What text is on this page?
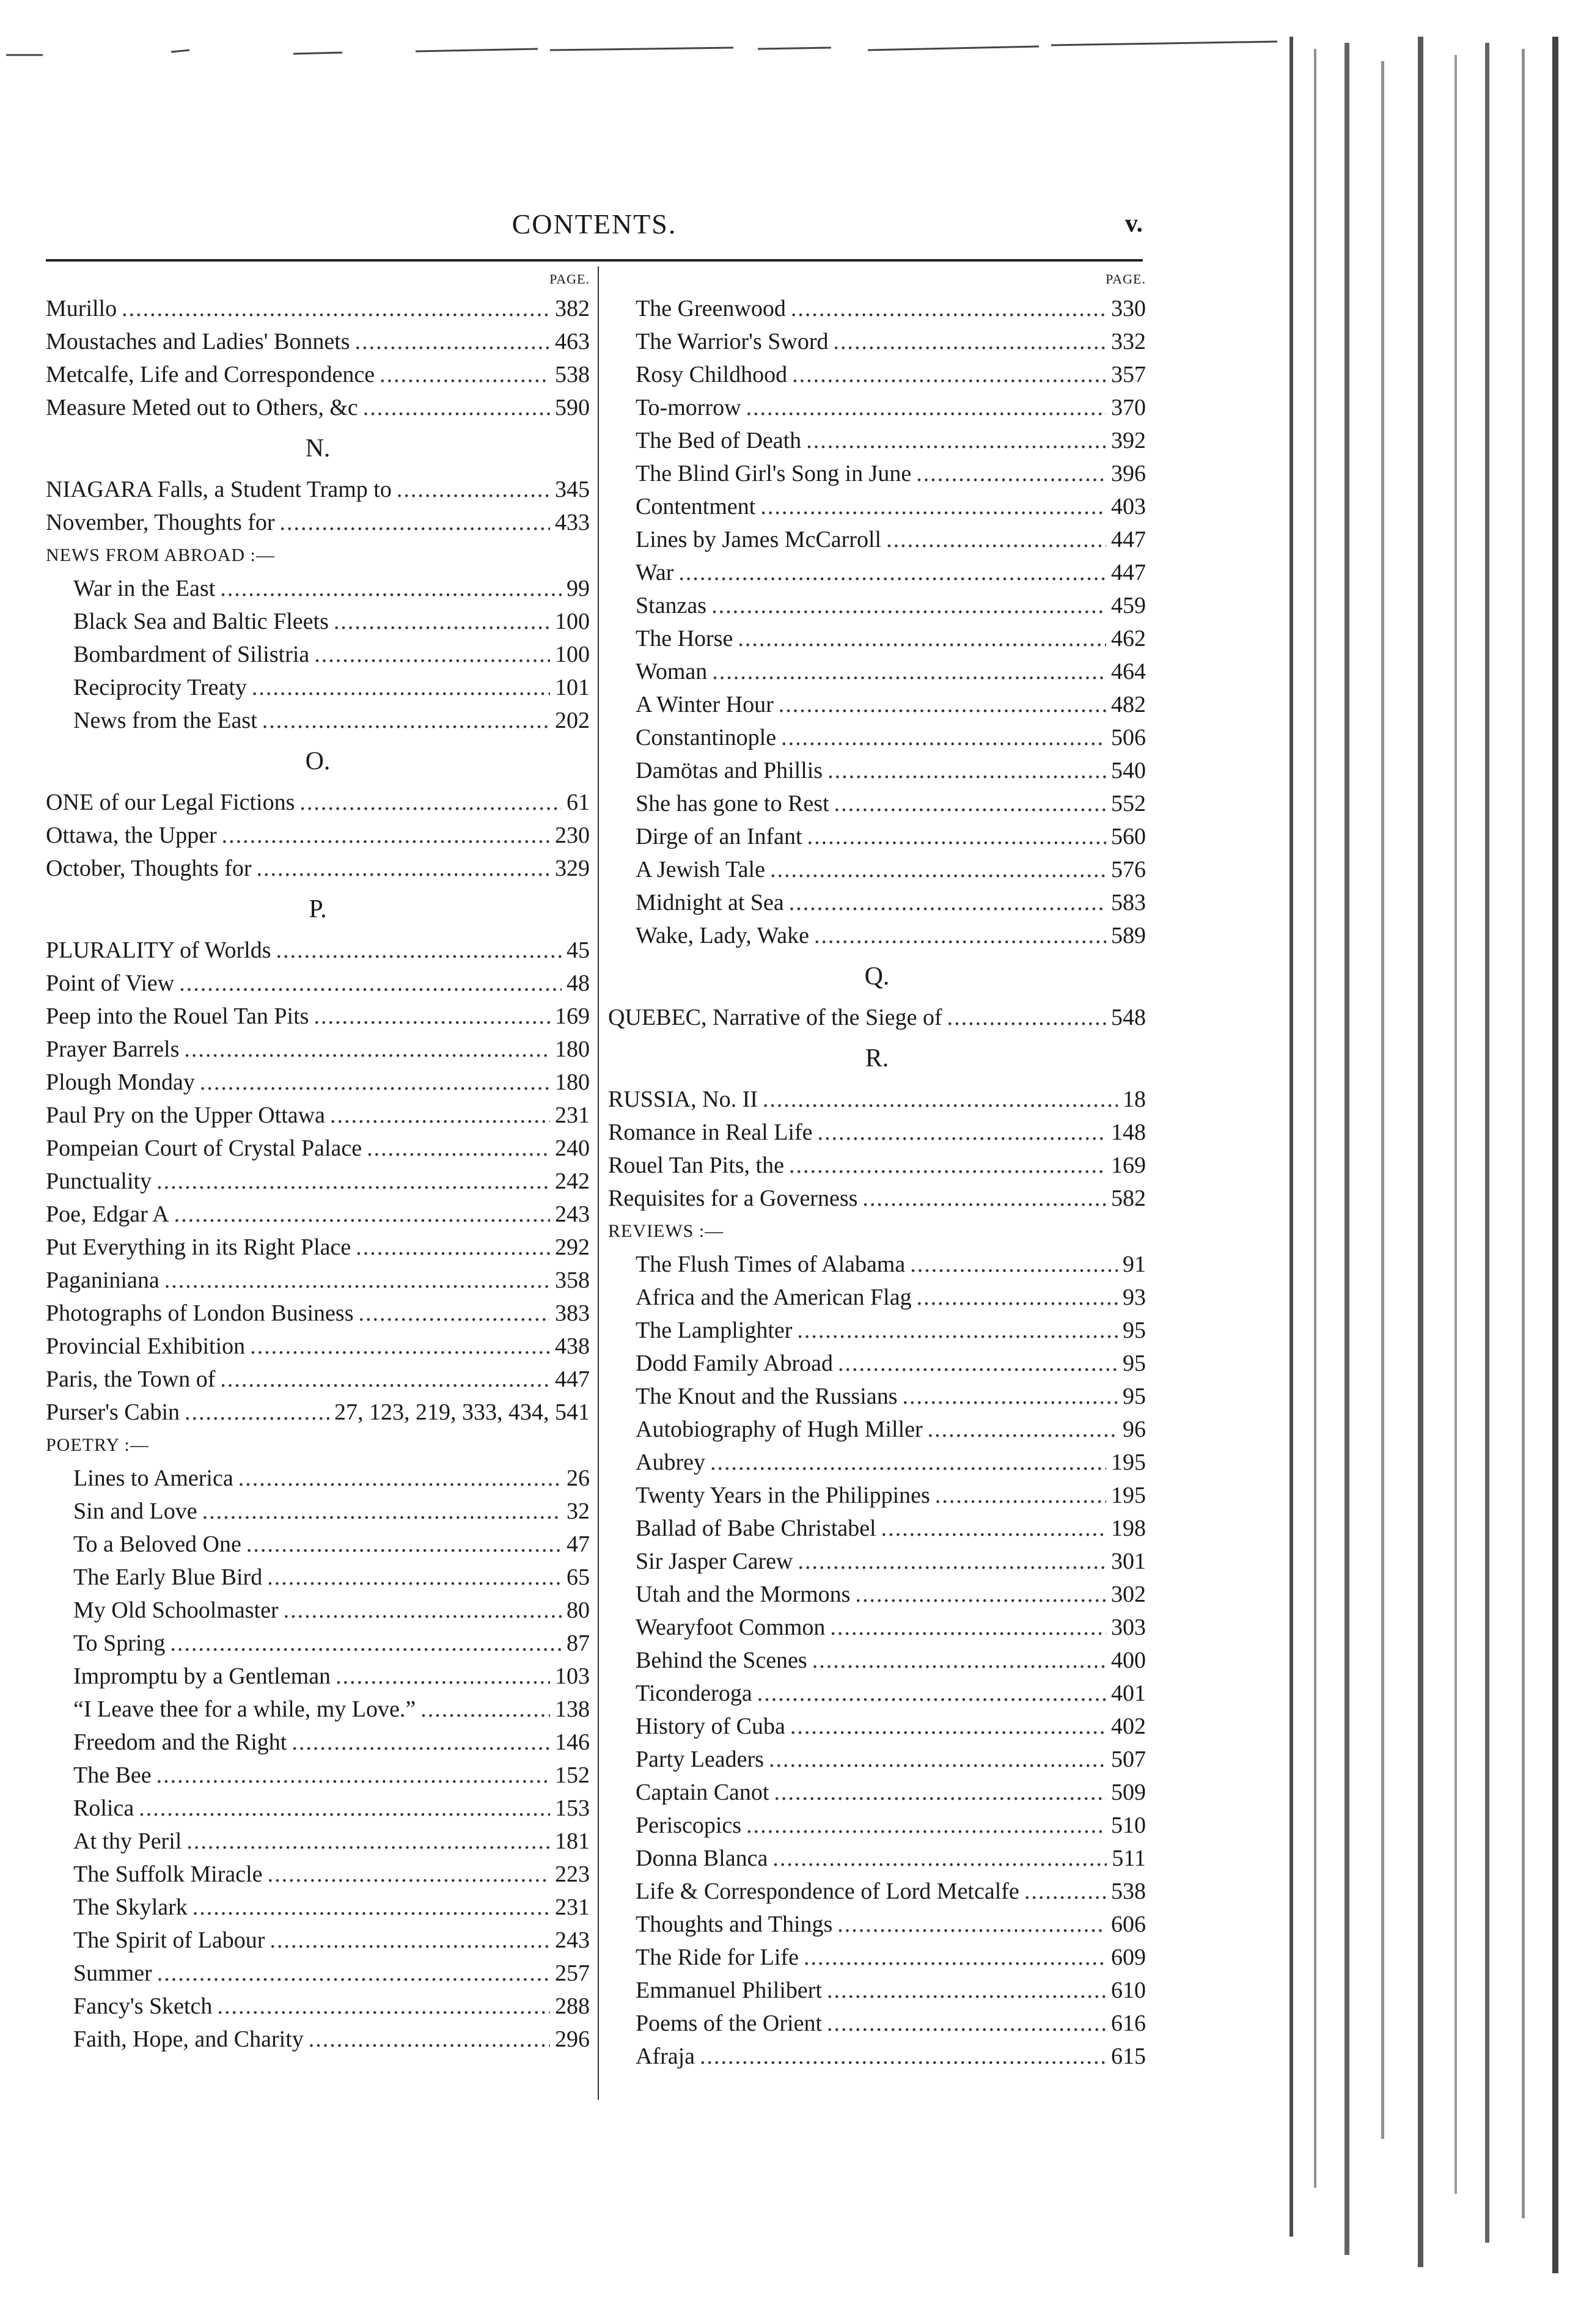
CONTENTS.	v.
PAGE.
Murillo .....	382
Moustaches and Ladies' Bonnets .....	463
Metcalfe, Life and Correspondence .....	538
Measure Meted out to Others, &c .....	590
N.
NIAGARA Falls, a Student Tramp to .....	345
November, Thoughts for .....	433
NEWS FROM ABROAD :—
War in the East .....	99
Black Sea and Baltic Fleets .....	100
Bombardment of Silistria .....	100
Reciprocity Treaty .....	101
News from the East .....	202
O.
ONE of our Legal Fictions .....	61
Ottawa, the Upper .....	230
October, Thoughts for .....	329
P.
PLURALITY of Worlds .....	45
Point of View .....	48
Peep into the Rouel Tan Pits .....	169
Prayer Barrels .....	180
Plough Monday .....	180
Paul Pry on the Upper Ottawa .....	231
Pompeian Court of Crystal Palace .....	240
Punctuality .....	242
Poe, Edgar A .....	243
Put Everything in its Right Place .....	292
Paganiniana .....	358
Photographs of London Business .....	383
Provincial Exhibition .....	438
Paris, the Town of .....	447
Purser's Cabin .....	27, 123, 219, 333, 434, 541
POETRY :—
Lines to America .....	26
Sin and Love .....	32
To a Beloved One .....	47
The Early Blue Bird .....	65
My Old Schoolmaster .....	80
To Spring .....	87
Impromptu by a Gentleman .....	103
“I Leave thee for a while, my Love.” .....	138
Freedom and the Right .....	146
The Bee .....	152
Rolica .....	153
At thy Peril .....	181
The Suffolk Miracle .....	223
The Skylark .....	231
The Spirit of Labour .....	243
Summer .....	257
Fancy's Sketch .....	288
Faith, Hope, and Charity .....	296
PAGE.
The Greenwood .....	330
The Warrior's Sword .....	332
Rosy Childhood .....	357
To-morrow .....	370
The Bed of Death .....	392
The Blind Girl's Song in June .....	396
Contentment .....	403
Lines by James McCarroll .....	447
War .....	447
Stanzas .....	459
The Horse .....	462
Woman .....	464
A Winter Hour .....	482
Constantinople .....	506
Damötas and Phillis .....	540
She has gone to Rest .....	552
Dirge of an Infant .....	560
A Jewish Tale .....	576
Midnight at Sea .....	583
Wake, Lady, Wake .....	589
Q.
QUEBEC, Narrative of the Siege of .....	548
R.
RUSSIA, No. II .....	18
Romance in Real Life .....	148
Rouel Tan Pits, the .....	169
Requisites for a Governess .....	582
REVIEWS :—
The Flush Times of Alabama .....	91
Africa and the American Flag .....	93
The Lamplighter .....	95
Dodd Family Abroad .....	95
The Knout and the Russians .....	95
Autobiography of Hugh Miller .....	96
Aubrey .....	195
Twenty Years in the Philippines .....	195
Ballad of Babe Christabel .....	198
Sir Jasper Carew .....	301
Utah and the Mormons .....	302
Wearyfoot Common .....	303
Behind the Scenes .....	400
Ticonderoga .....	401
History of Cuba .....	402
Party Leaders .....	507
Captain Canot .....	509
Periscopics .....	510
Donna Blanca .....	511
Life & Correspondence of Lord Metcalfe .....	538
Thoughts and Things .....	606
The Ride for Life .....	609
Emmanuel Philibert .....	610
Poems of the Orient .....	616
Afraja .....	615
